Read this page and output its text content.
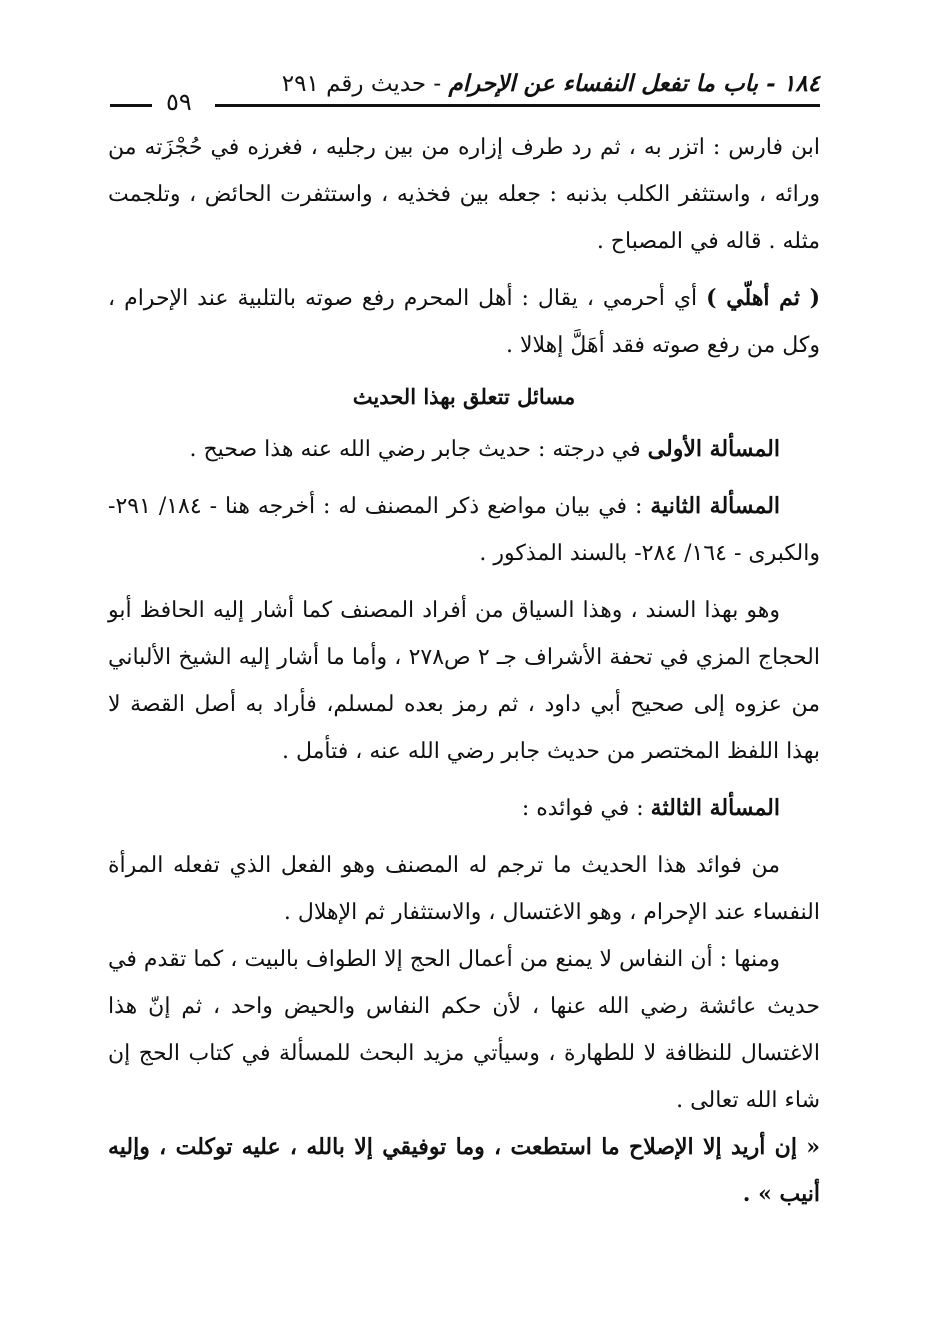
١٨٤ - باب ما تفعل النفساء عن الإحرام - حديث رقم ٢٩١
٥٩

ابن فارس : اتزر به ، ثم رد طرف إزاره من بين رجليه ، فغرزه في حُجْزَته من ورائه ، واستثفر الكلب بذنبه : جعله بين فخذيه ، واستثفرت الحائض ، وتلجمت مثله . قاله في المصباح .

( ثم أهلّي ) أي أحرمي ، يقال : أهل المحرم رفع صوته بالتلبية عند الإحرام ، وكل من رفع صوته فقد أهَلَّ إهلالا .

مسائل تتعلق بهذا الحديث

المسألة الأولى في درجته : حديث جابر رضي الله عنه هذا صحيح .

المسألة الثانية : في بيان مواضع ذكر المصنف له : أخرجه هنا - ١٨٤/ ٢٩١- والكبرى - ١٦٤/ ٢٨٤- بالسند المذكور .

وهو بهذا السند ، وهذا السياق من أفراد المصنف كما أشار إليه الحافظ أبو الحجاج المزي في تحفة الأشراف جـ ٢ ص٢٧٨ ، وأما ما أشار إليه الشيخ الألباني من عزوه إلى صحيح أبي داود ، ثم رمز بعده لمسلم، فأراد به أصل القصة لا بهذا اللفظ المختصر من حديث جابر رضي الله عنه ، فتأمل .

المسألة الثالثة : في فوائده :

من فوائد هذا الحديث ما ترجم له المصنف وهو الفعل الذي تفعله المرأة النفساء عند الإحرام ، وهو الاغتسال ، والاستثفار ثم الإهلال .

ومنها : أن النفاس لا يمنع من أعمال الحج إلا الطواف بالبيت ، كما تقدم في حديث عائشة رضي الله عنها ، لأن حكم النفاس والحيض واحد ، ثم إنّ هذا الاغتسال للنظافة لا للطهارة ، وسيأتي مزيد البحث للمسألة في كتاب الحج إن شاء الله تعالى .

« إن أريد إلا الإصلاح ما استطعت ، وما توفيقي إلا بالله ، عليه توكلت ، وإليه أنيب » .
